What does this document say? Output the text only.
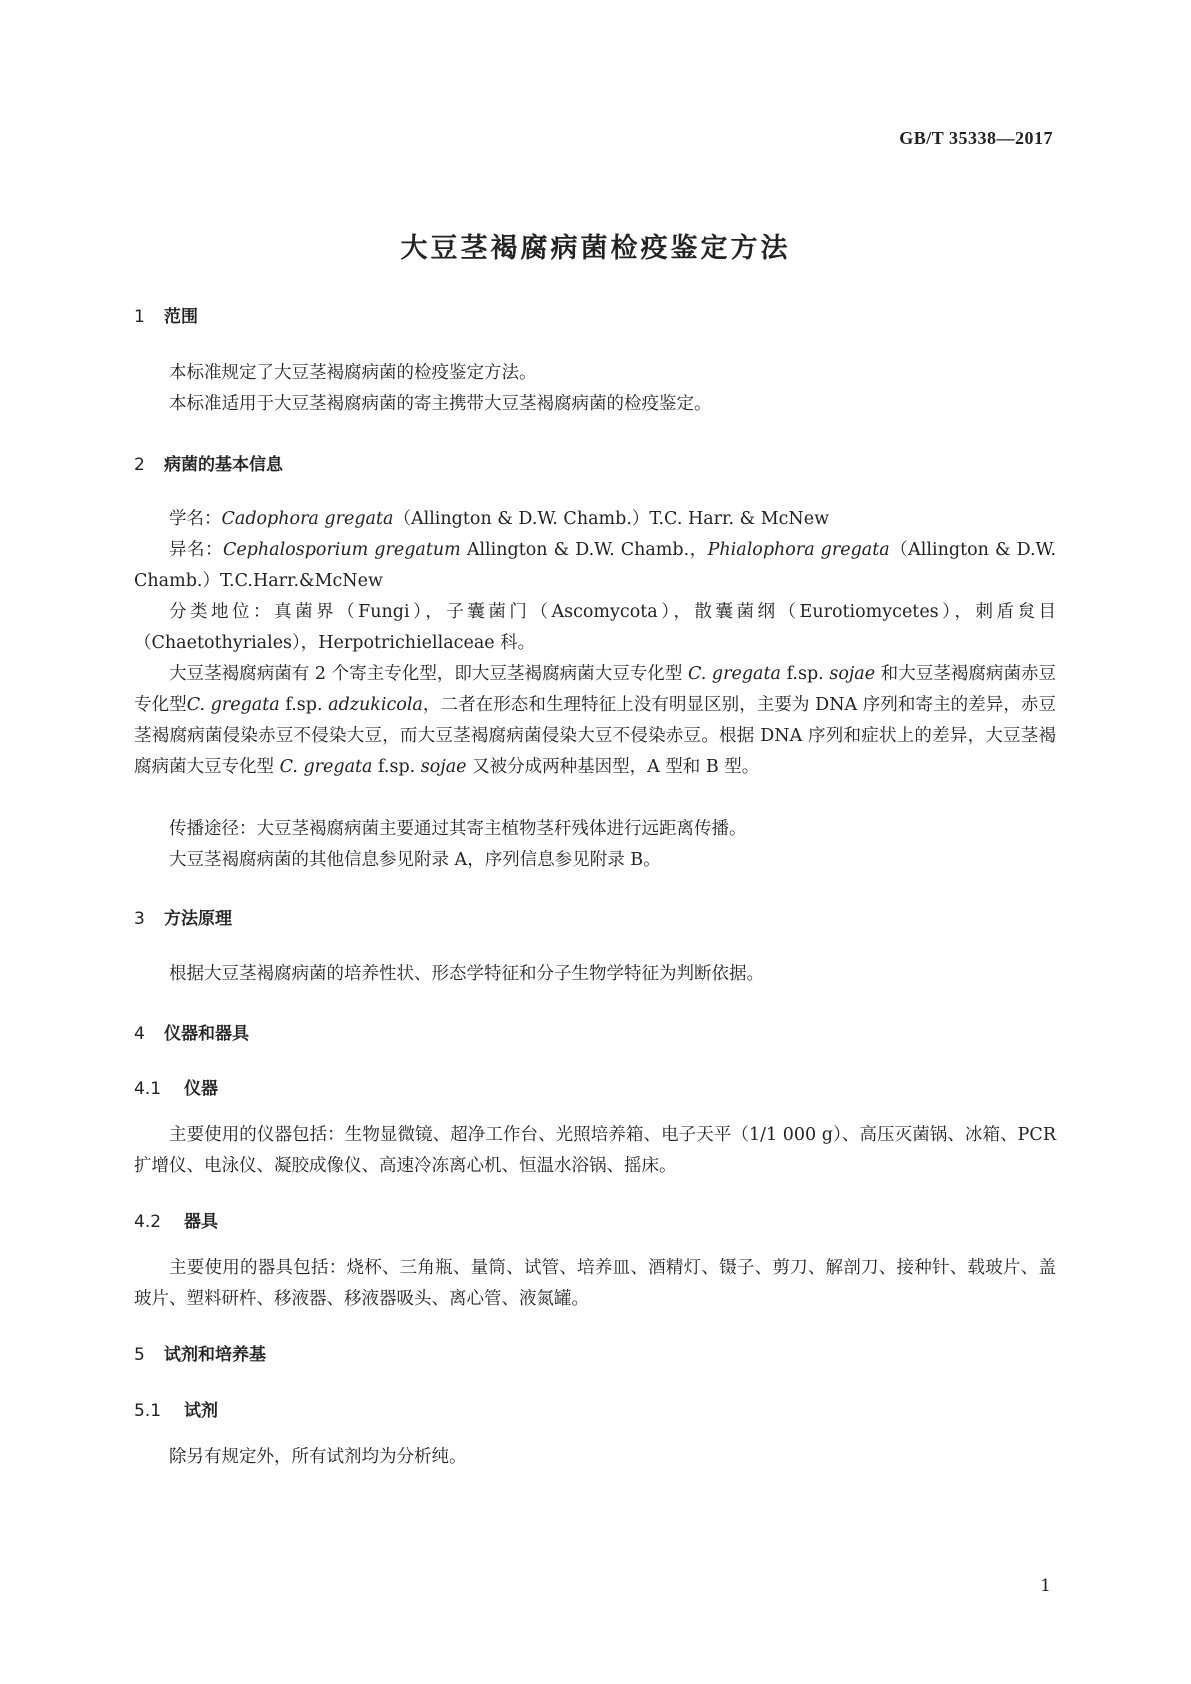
GB/T 35338—2017
大豆茎褐腐病菌检疫鉴定方法
1 范围

本标准规定了大豆茎褐腐病菌的检疫鉴定方法。

本标准适用于大豆茎褐腐病菌的寄主携带大豆茎褐腐病菌的检疫鉴定。

2 病菌的基本信息

学名：Cadophora gregata（Allington & D.W. Chamb.）T.C. Harr. & McNew

异名：Cephalosporium gregatum Allington & D.W. Chamb.，Phialophora gregata（Allington & D.W. Chamb.）T.C.Harr.&McNew

分类地位：真菌界（Fungi），子囊菌门（Ascomycota），散囊菌纲（Eurotiomycetes），刺盾炱目（Chaetothyriales），Herpotrichiellaceae 科。

大豆茎褐腐病菌有 2 个寄主专化型，即大豆茎褐腐病菌大豆专化型 C. gregata f.sp. sojae 和大豆茎褐腐病菌赤豆专化型C. gregata f.sp. adzukicola，二者在形态和生理特征上没有明显区别，主要为 DNA 序列和寄主的差异，赤豆茎褐腐病菌侵染赤豆不侵染大豆，而大豆茎褐腐病菌侵染大豆不侵染赤豆。根据 DNA 序列和症状上的差异，大豆茎褐腐病菌大豆专化型 C. gregata f.sp. sojae 又被分成两种基因型，A 型和 B 型。

传播途径：大豆茎褐腐病菌主要通过其寄主植物茎秆残体进行远距离传播。

大豆茎褐腐病菌的其他信息参见附录 A，序列信息参见附录 B。

3 方法原理

根据大豆茎褐腐病菌的培养性状、形态学特征和分子生物学特征为判断依据。

4 仪器和器具
4.1 仪器

主要使用的仪器包括：生物显微镜、超净工作台、光照培养箱、电子天平（1/1 000 g）、高压灭菌锅、冰箱、PCR 扩增仪、电泳仪、凝胶成像仪、高速冷冻离心机、恒温水浴锅、摇床。

4.2 器具

主要使用的器具包括：烧杯、三角瓶、量筒、试管、培养皿、酒精灯、镊子、剪刀、解剖刀、接种针、载玻片、盖玻片、塑料研杵、移液器、移液器吸头、离心管、液氮罐。

5 试剂和培养基
5.1 试剂

除另有规定外，所有试剂均为分析纯。

1
